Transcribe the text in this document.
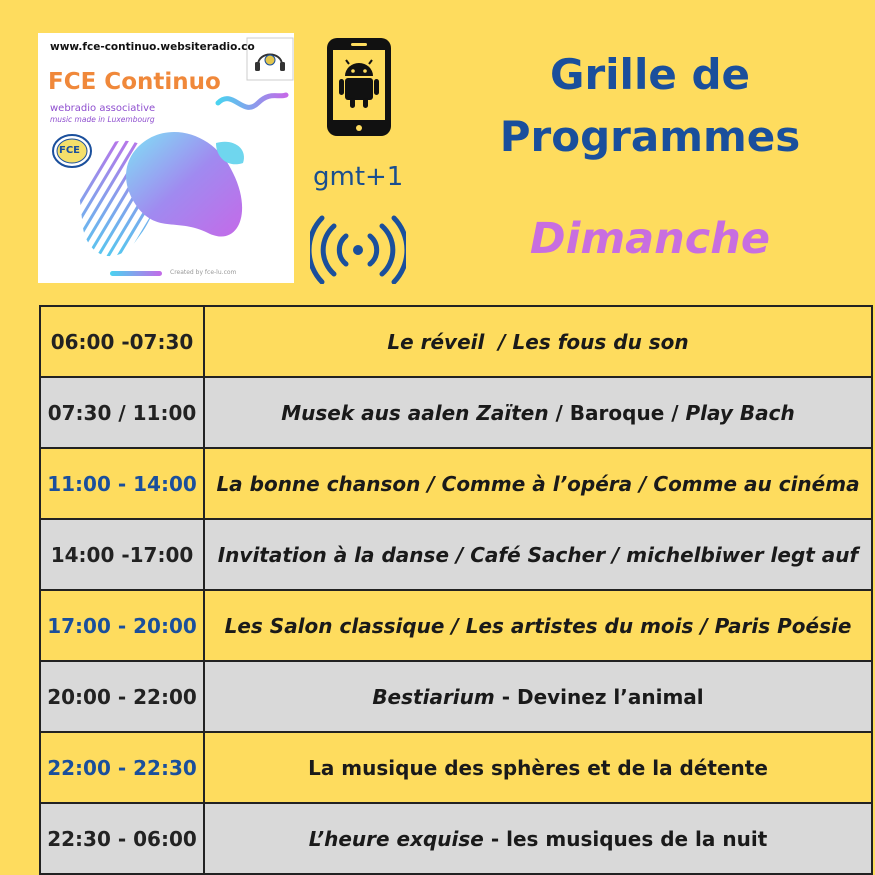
www.fce-continuo.websiteradio.co
FCE Continuo
webradio associative
music made in Luxembourg
FCE
Created by fce-lu.com
gmt+1
Grille de
Programmes
Dimanche
06:00 -07:30	Le réveil  / Les fous du son
07:30 / 11:00	Musek aus aalen Zaïten / Baroque / Play Bach
11:00 - 14:00	La bonne chanson / Comme à l’opéra / Comme au cinéma
14:00 -17:00	Invitation à la danse / Café Sacher / michelbiwer legt auf
17:00 - 20:00	Les Salon classique / Les artistes du mois / Paris Poésie
20:00 - 22:00	Bestiarium - Devinez l’animal
22:00 - 22:30	La musique des sphères et de la détente
22:30 - 06:00	L’heure exquise - les musiques de la nuit
